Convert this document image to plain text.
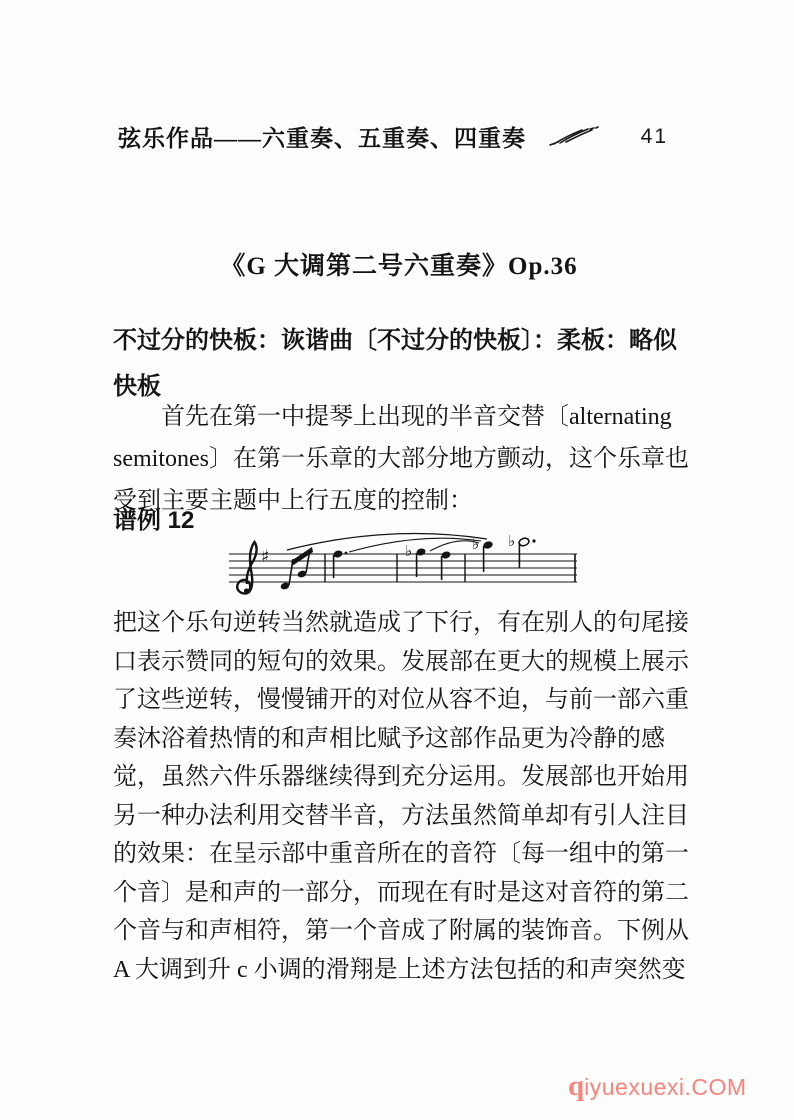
弦乐作品——六重奏、五重奏、四重奏	41
《G 大调第二号六重奏》Op.36
不过分的快板：诙谐曲〔不过分的快板〕：柔板：略似
快板
首先在第一中提琴上出现的半音交替〔alternating
semitones〕在第一乐章的大部分地方颤动，这个乐章也
受到主要主题中上行五度的控制：
谱例 12
♯	♭	♭ ♭
把这个乐句逆转当然就造成了下行，有在别人的句尾接
口表示赞同的短句的效果。发展部在更大的规模上展示
了这些逆转，慢慢铺开的对位从容不迫，与前一部六重
奏沐浴着热情的和声相比赋予这部作品更为冷静的感
觉，虽然六件乐器继续得到充分运用。发展部也开始用
另一种办法利用交替半音，方法虽然简单却有引人注目
的效果：在呈示部中重音所在的音符〔每一组中的第一
个音〕是和声的一部分，而现在有时是这对音符的第二
个音与和声相符，第一个音成了附属的装饰音。下例从
A 大调到升 c 小调的滑翔是上述方法包括的和声突然变
qiyuexuexi.COM
